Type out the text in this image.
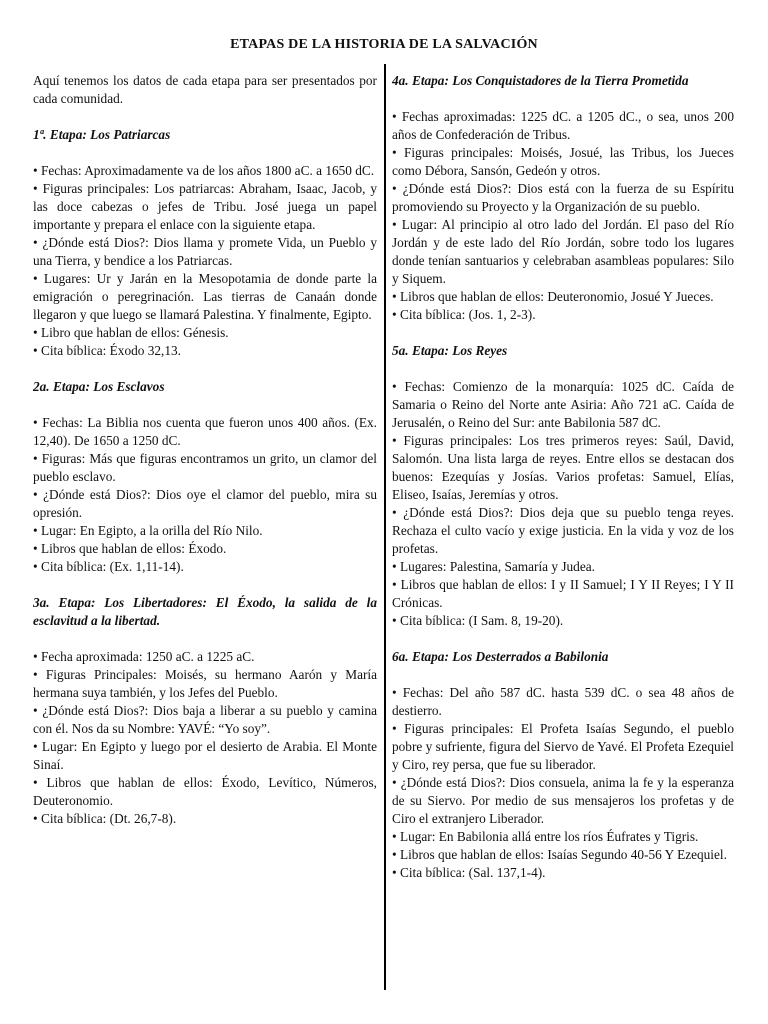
ETAPAS DE LA HISTORIA DE LA SALVACIÓN

Aquí tenemos los datos de cada etapa para ser presentados por cada comunidad.

1ª. Etapa: Los Patriarcas

• Fechas: Aproximadamente va de los años 1800 aC. a 1650 dC.

• Figuras principales: Los patriarcas: Abraham, Isaac, Jacob, y las doce cabezas o jefes de Tribu. José juega un papel importante y prepara el enlace con la siguiente etapa.

• ¿Dónde está Dios?: Dios llama y promete Vida, un Pueblo y una Tierra, y bendice a los Patriarcas.

• Lugares: Ur y Jarán en la Mesopotamia de donde parte la emigración o peregrinación. Las tierras de Canaán donde llegaron y que luego se llamará Palestina. Y finalmente, Egipto.

• Libro que hablan de ellos: Génesis.

• Cita bíblica: Éxodo 32,13.

2a. Etapa: Los Esclavos

• Fechas: La Biblia nos cuenta que fueron unos 400 años. (Ex. 12,40). De 1650 a 1250 dC.

• Figuras: Más que figuras encontramos un grito, un clamor del pueblo esclavo.

• ¿Dónde está Dios?: Dios oye el clamor del pueblo, mira su opresión.

• Lugar: En Egipto, a la orilla del Río Nilo.

• Libros que hablan de ellos: Éxodo.

• Cita bíblica: (Ex. 1,11-14).

3a. Etapa: Los Libertadores: El Éxodo, la salida de la esclavitud a la libertad.

• Fecha aproximada: 1250 aC. a 1225 aC.

• Figuras Principales: Moisés, su hermano Aarón y María hermana suya también, y los Jefes del Pueblo.

• ¿Dónde está Dios?: Dios baja a liberar a su pueblo y camina con él. Nos da su Nombre: YAVÉ: “Yo soy”.

• Lugar: En Egipto y luego por el desierto de Arabia. El Monte Sinaí.

• Libros que hablan de ellos: Éxodo, Levítico, Números, Deuteronomio.

• Cita bíblica: (Dt. 26,7-8).

4a. Etapa: Los Conquistadores de la Tierra Prometida

• Fechas aproximadas: 1225 dC. a 1205 dC., o sea, unos 200 años de Confederación de Tribus.

• Figuras principales: Moisés, Josué, las Tribus, los Jueces como Débora, Sansón, Gedeón y otros.

• ¿Dónde está Dios?: Dios está con la fuerza de su Espíritu promoviendo su Proyecto y la Organización de su pueblo.

• Lugar: Al principio al otro lado del Jordán. El paso del Río Jordán y de este lado del Río Jordán, sobre todo los lugares donde tenían santuarios y celebraban asambleas populares: Silo y Siquem.

• Libros que hablan de ellos: Deuteronomio, Josué Y Jueces.

• Cita bíblica: (Jos. 1, 2-3).

5a. Etapa: Los Reyes

• Fechas: Comienzo de la monarquía: 1025 dC. Caída de Samaria o Reino del Norte ante Asiria: Año 721 aC. Caída de Jerusalén, o Reino del Sur: ante Babilonia 587 dC.

• Figuras principales: Los tres primeros reyes: Saúl, David, Salomón. Una lista larga de reyes. Entre ellos se destacan dos buenos: Ezequías y Josías. Varios profetas: Samuel, Elías, Eliseo, Isaías, Jeremías y otros.

• ¿Dónde está Dios?: Dios deja que su pueblo tenga reyes. Rechaza el culto vacío y exige justicia. En la vida y voz de los profetas.

• Lugares: Palestina, Samaría y Judea.

• Libros que hablan de ellos: I y II Samuel; I Y II Reyes; I Y II Crónicas.

• Cita bíblica: (I Sam. 8, 19-20).

6a. Etapa: Los Desterrados a Babilonia

• Fechas: Del año 587 dC. hasta 539 dC. o sea 48 años de destierro.

• Figuras principales: El Profeta Isaías Segundo, el pueblo pobre y sufriente, figura del Siervo de Yavé. El Profeta Ezequiel y Ciro, rey persa, que fue su liberador.

• ¿Dónde está Dios?: Dios consuela, anima la fe y la esperanza de su Siervo. Por medio de sus mensajeros los profetas y de Ciro el extranjero Liberador.

• Lugar: En Babilonia allá entre los ríos Éufrates y Tigris.

• Libros que hablan de ellos: Isaías Segundo 40-56 Y Ezequiel.

• Cita bíblica: (Sal. 137,1-4).
